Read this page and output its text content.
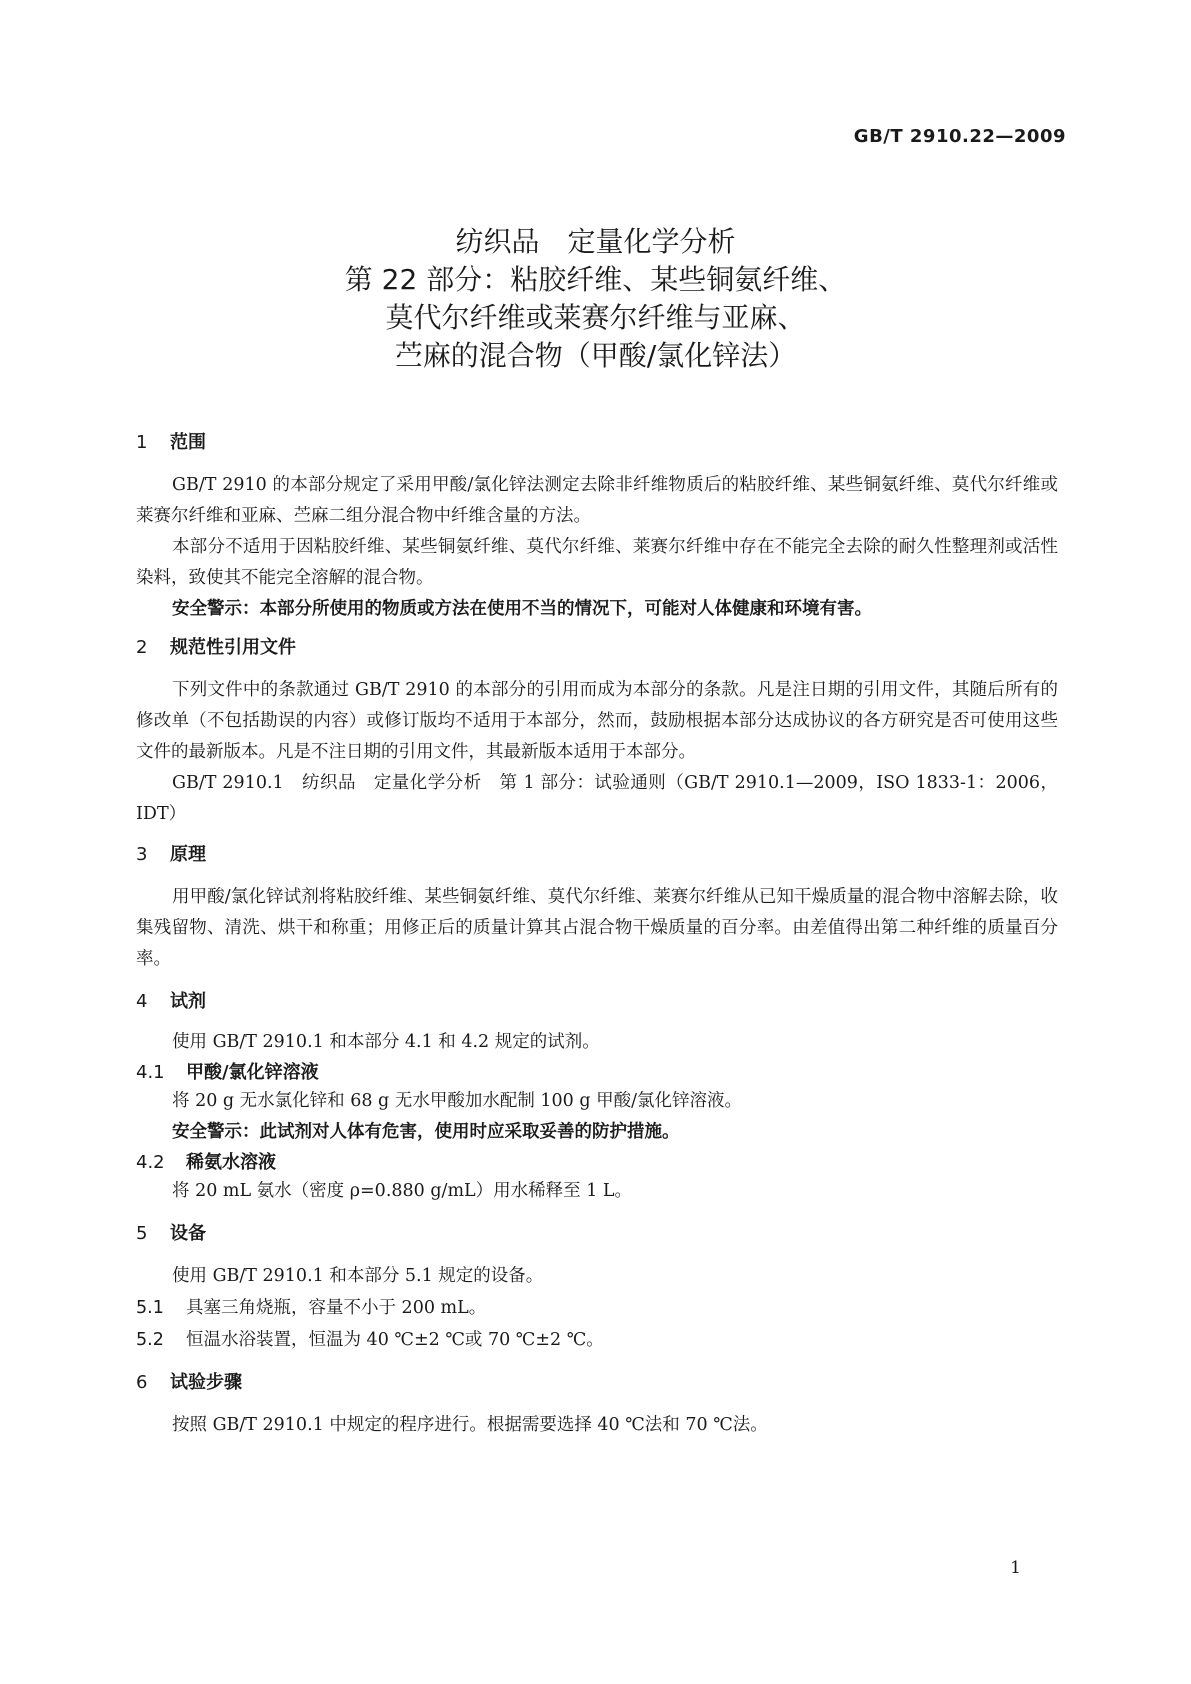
GB/T 2910.22—2009
纺织品　定量化学分析
第 22 部分：粘胶纤维、某些铜氨纤维、
莫代尔纤维或莱赛尔纤维与亚麻、
苎麻的混合物（甲酸/氯化锌法）
1 范围

GB/T 2910 的本部分规定了采用甲酸/氯化锌法测定去除非纤维物质后的粘胶纤维、某些铜氨纤维、莫代尔纤维或莱赛尔纤维和亚麻、苎麻二组分混合物中纤维含量的方法。

本部分不适用于因粘胶纤维、某些铜氨纤维、莫代尔纤维、莱赛尔纤维中存在不能完全去除的耐久性整理剂或活性染料，致使其不能完全溶解的混合物。

安全警示：本部分所使用的物质或方法在使用不当的情况下，可能对人体健康和环境有害。
2 规范性引用文件

下列文件中的条款通过 GB/T 2910 的本部分的引用而成为本部分的条款。凡是注日期的引用文件，其随后所有的修改单（不包括勘误的内容）或修订版均不适用于本部分，然而，鼓励根据本部分达成协议的各方研究是否可使用这些文件的最新版本。凡是不注日期的引用文件，其最新版本适用于本部分。

GB/T 2910.1　纺织品　定量化学分析　第 1 部分：试验通则（GB/T 2910.1—2009，ISO 1833-1：2006，IDT）

3 原理

用甲酸/氯化锌试剂将粘胶纤维、某些铜氨纤维、莫代尔纤维、莱赛尔纤维从已知干燥质量的混合物中溶解去除，收集残留物、清洗、烘干和称重；用修正后的质量计算其占混合物干燥质量的百分率。由差值得出第二种纤维的质量百分率。

4 试剂

使用 GB/T 2910.1 和本部分 4.1 和 4.2 规定的试剂。

4.1 甲酸/氯化锌溶液

将 20 g 无水氯化锌和 68 g 无水甲酸加水配制 100 g 甲酸/氯化锌溶液。

安全警示：此试剂对人体有危害，使用时应采取妥善的防护措施。
4.2 稀氨水溶液

将 20 mL 氨水（密度 ρ=0.880 g/mL）用水稀释至 1 L。

5 设备

使用 GB/T 2910.1 和本部分 5.1 规定的设备。

5.1 具塞三角烧瓶，容量不小于 200 mL。
5.2 恒温水浴装置，恒温为 40 ℃±2 ℃或 70 ℃±2 ℃。
6 试验步骤

按照 GB/T 2910.1 中规定的程序进行。根据需要选择 40 ℃法和 70 ℃法。

1
